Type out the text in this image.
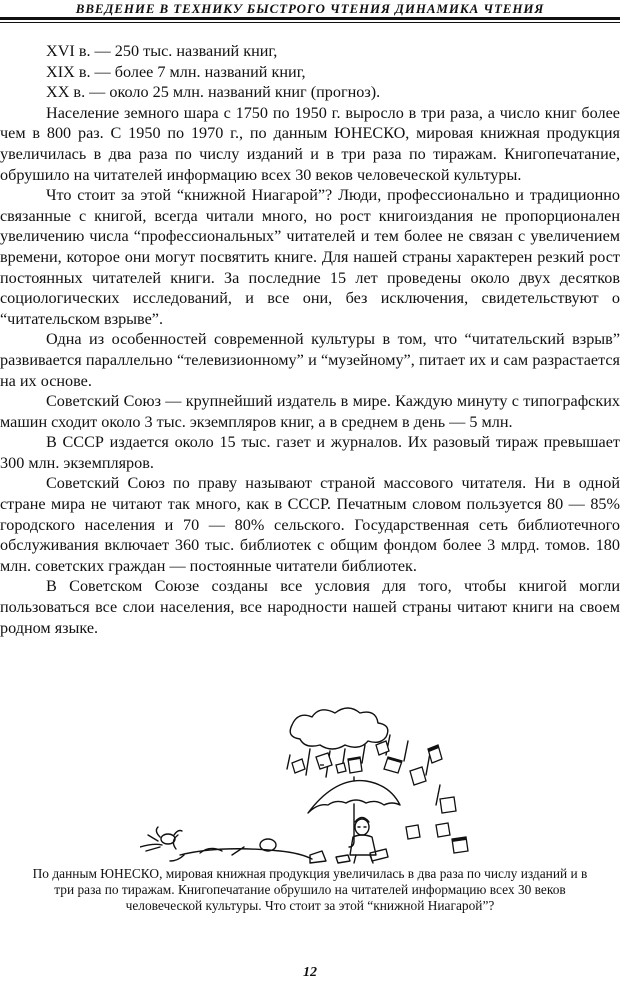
ВВЕДЕНИЕ В ТЕХНИКУ БЫСТРОГО ЧТЕНИЯ ДИНАМИКА ЧТЕНИЯ

XVI в. — 250 тыс. названий книг,

XIX в. — более 7 млн. названий книг,

XX в. — около 25 млн. названий книг (прогноз).

Население земного шара с 1750 по 1950 г. выросло в три раза, а число книг более чем в 800 раз. С 1950 по 1970 г., по данным ЮНЕСКО, мировая книжная продукция увеличилась в два раза по числу изданий и в три раза по тиражам. Книгопечатание, обрушило на читателей информацию всех 30 веков человеческой культуры.

Что стоит за этой “книжной Ниагарой”? Люди, профессионально и традиционно связанные с книгой, всегда читали много, но рост книгоиздания не пропорционален увеличению числа “профессиональных” читателей и тем более не связан с увеличением времени, которое они могут посвятить книге. Для нашей страны характерен резкий рост постоянных читателей книги. За последние 15 лет проведены около двух десятков социологических исследований, и все они, без исключения, свидетельствуют о “читательском взрыве”.

Одна из особенностей современной культуры в том, что “читательский взрыв” развивается параллельно “телевизионному” и “музейному”, питает их и сам разрастается на их основе.

Советский Союз — крупнейший издатель в мире. Каждую минуту с типографских машин сходит около 3 тыс. экземпляров книг, а в среднем в день — 5 млн.

В СССР издается около 15 тыс. газет и журналов. Их разовый тираж превышает 300 млн. экземпляров.

Советский Союз по праву называют страной массового читателя. Ни в одной стране мира не читают так много, как в СССР. Печатным словом пользуется 80 — 85% городского населения и 70 — 80% сельского. Государственная сеть библиотечного обслуживания включает 360 тыс. библиотек с общим фондом более 3 млрд. томов. 180 млн. советских граждан — постоянные читатели библиотек.

В Советском Союзе созданы все условия для того, чтобы книгой могли пользоваться все слои населения, все народности нашей страны читают книги на своем родном языке.

По данным ЮНЕСКО, мировая книжная продукция увеличилась в два раза по числу изданий и в три раза по тиражам. Книгопечатание обрушило на читателей информацию всех 30 веков человеческой культуры. Что стоит за этой “книжной Ниагарой”?
12
